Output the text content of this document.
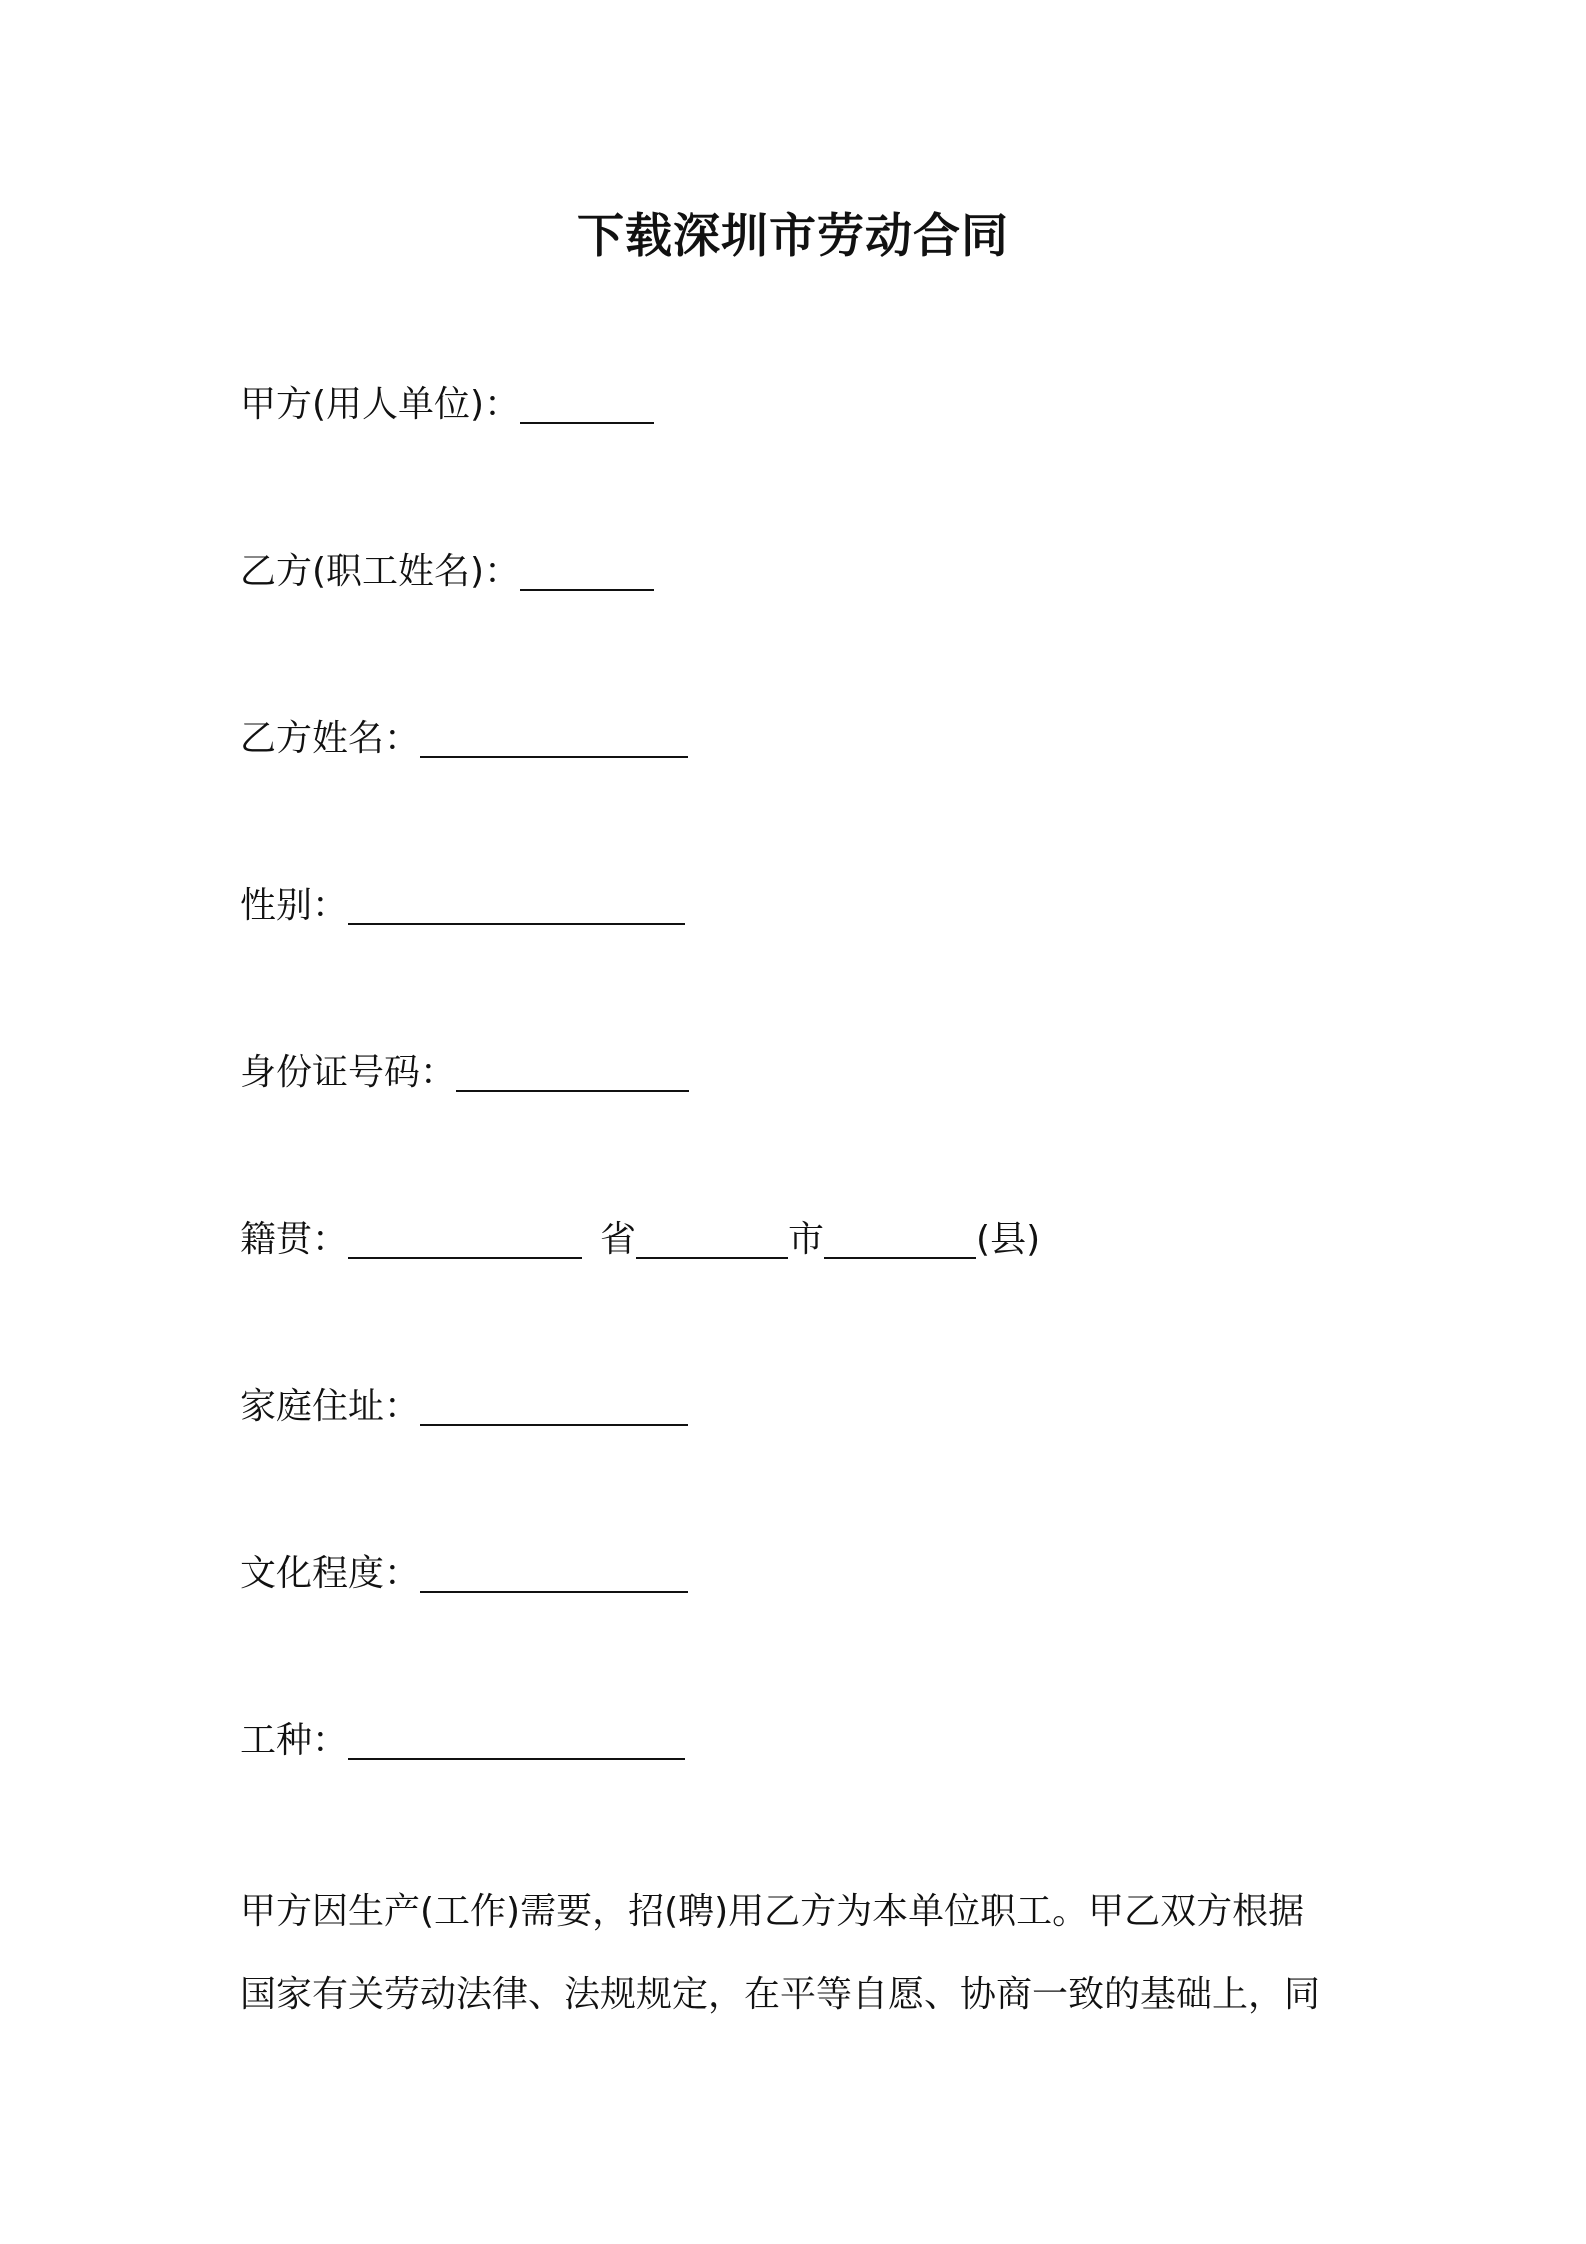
下载深圳市劳动合同
甲方(用人单位)：
乙方(职工姓名)：
乙方姓名：
性别：
身份证号码：
籍贯：	省	市	(县)
家庭住址：
文化程度：
工种：
甲方因生产(工作)需要，招(聘)用乙方为本单位职工。甲乙双方根据
国家有关劳动法律、法规规定，在平等自愿、协商一致的基础上，同
